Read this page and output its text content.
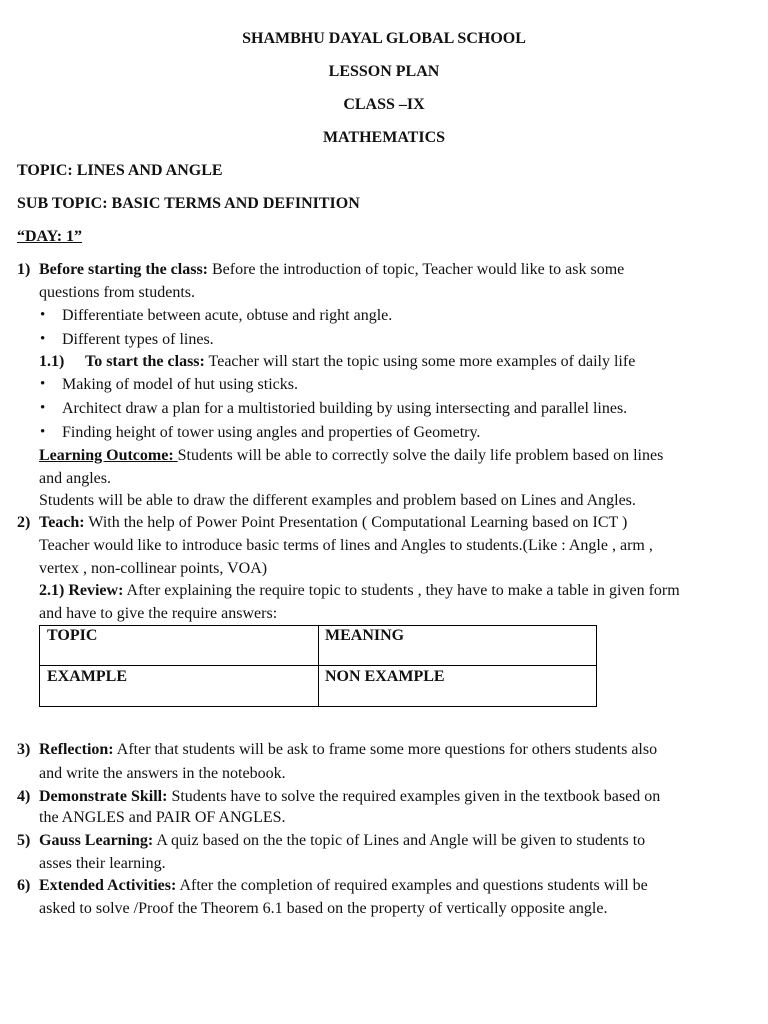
SHAMBHU DAYAL GLOBAL SCHOOL
LESSON PLAN
CLASS –IX
MATHEMATICS
TOPIC: LINES AND ANGLE
SUB TOPIC: BASIC TERMS AND DEFINITION
“DAY: 1”
1) Before starting the class: Before the introduction of topic, Teacher would like to ask some
questions from students.
• Differentiate between acute, obtuse and right angle.
• Different types of lines.
1.1) To start the class: Teacher will start the topic using some more examples of daily life
• Making of model of hut using sticks.
• Architect draw a plan for a multistoried building by using intersecting and parallel lines.
• Finding height of tower using angles and properties of Geometry.
Learning Outcome: Students will be able to correctly solve the daily life problem based on lines
and angles.
Students will be able to draw the different examples and problem based on Lines and Angles.
2) Teach: With the help of Power Point Presentation ( Computational Learning based on ICT )
Teacher would like to introduce basic terms of lines and Angles to students.(Like : Angle , arm ,
vertex , non-collinear points, VOA)
2.1) Review: After explaining the require topic to students , they have to make a table in given form
and have to give the require answers:
TOPIC	MEANING
EXAMPLE	NON EXAMPLE
3) Reflection: After that students will be ask to frame some more questions for others students also
and write the answers in the notebook.
4) Demonstrate Skill: Students have to solve the required examples given in the textbook based on
the ANGLES and PAIR OF ANGLES.
5) Gauss Learning: A quiz based on the the topic of Lines and Angle will be given to students to
asses their learning.
6) Extended Activities: After the completion of required examples and questions students will be
asked to solve /Proof the Theorem 6.1 based on the property of vertically opposite angle.
